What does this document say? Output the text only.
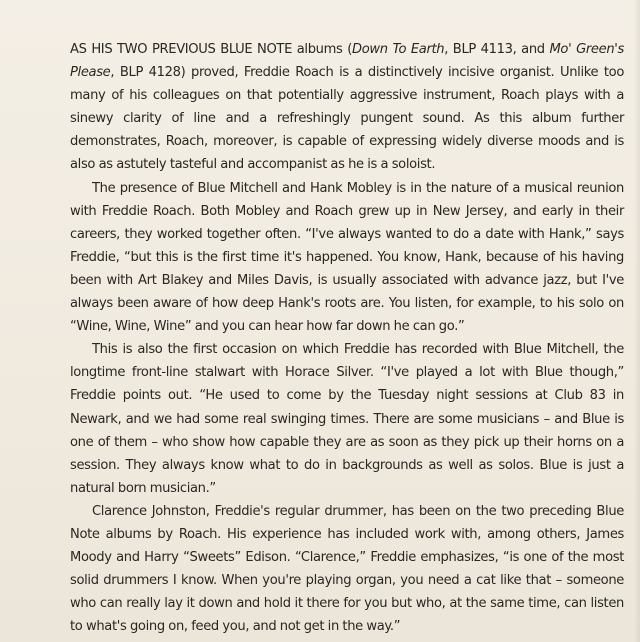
AS HIS TWO PREVIOUS BLUE NOTE albums (Down To Earth, BLP 4113, and Mo' Green's Please, BLP 4128) proved, Freddie Roach is a distinctively incisive organist. Unlike too many of his colleagues on that potentially aggressive instrument, Roach plays with a sinewy clarity of line and a refreshingly pungent sound. As this album further demonstrates, Roach, moreover, is capable of expressing widely diverse moods and is also as astutely tasteful and accompanist as he is a soloist.

The presence of Blue Mitchell and Hank Mobley is in the nature of a musical reunion with Freddie Roach. Both Mobley and Roach grew up in New Jersey, and early in their careers, they worked together often. “I've always wanted to do a date with Hank,” says Freddie, “but this is the first time it's happened. You know, Hank, because of his having been with Art Blakey and Miles Davis, is usually associated with advance jazz, but I've always been aware of how deep Hank's roots are. You listen, for example, to his solo on “Wine, Wine, Wine” and you can hear how far down he can go.”

This is also the first occasion on which Freddie has recorded with Blue Mitchell, the longtime front-line stalwart with Horace Silver. “I've played a lot with Blue though,” Freddie points out. “He used to come by the Tuesday night sessions at Club 83 in Newark, and we had some real swinging times. There are some musicians – and Blue is one of them – who show how capable they are as soon as they pick up their horns on a session. They always know what to do in backgrounds as well as solos. Blue is just a natural born musician.”

Clarence Johnston, Freddie's regular drummer, has been on the two preceding Blue Note albums by Roach. His experience has included work with, among others, James Moody and Harry “Sweets” Edison. “Clarence,” Freddie emphasizes, “is one of the most solid drummers I know. When you're playing organ, you need a cat like that – someone who can really lay it down and hold it there for you but who, at the same time, can listen to what's going on, feed you, and not get in the way.”
